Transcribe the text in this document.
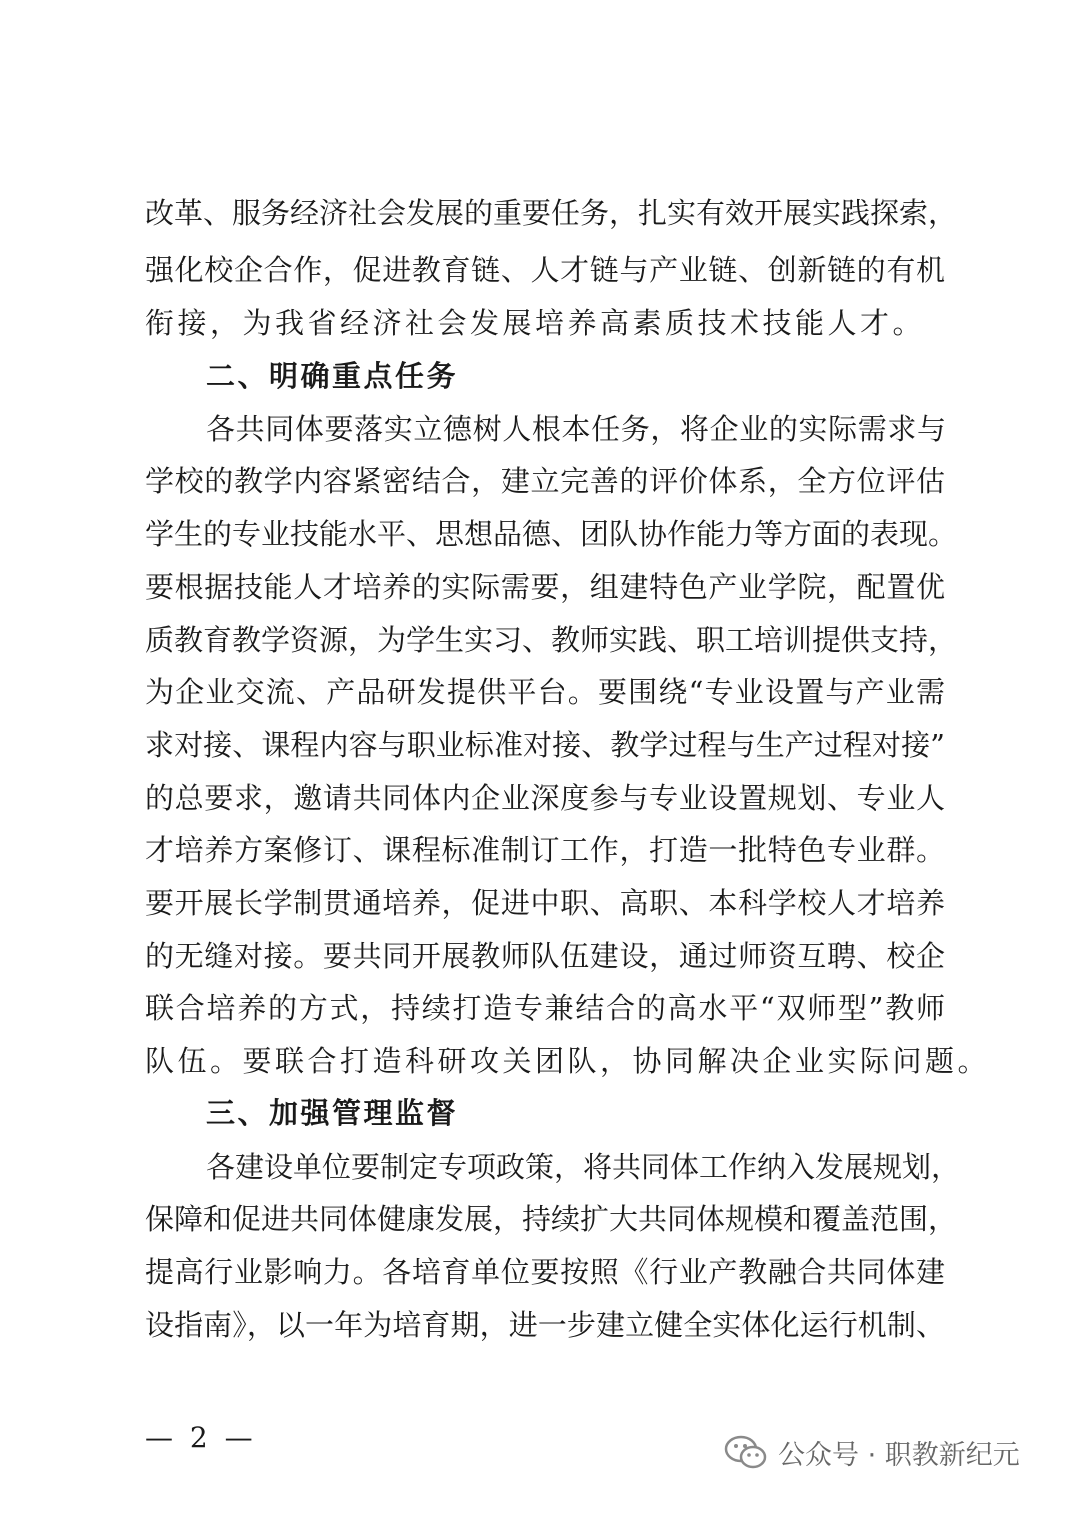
改革、服务经济社会发展的重要任务，扎实有效开展实践探索，
强化校企合作，促进教育链、人才链与产业链、创新链的有机
衔接，为我省经济社会发展培养高素质技术技能人才。
二、明确重点任务
各共同体要落实立德树人根本任务，将企业的实际需求与
学校的教学内容紧密结合，建立完善的评价体系，全方位评估
学生的专业技能水平、思想品德、团队协作能力等方面的表现。
要根据技能人才培养的实际需要，组建特色产业学院，配置优
质教育教学资源，为学生实习、教师实践、职工培训提供支持，
为企业交流、产品研发提供平台。要围绕“专业设置与产业需
求对接、课程内容与职业标准对接、教学过程与生产过程对接”
的总要求，邀请共同体内企业深度参与专业设置规划、专业人
才培养方案修订、课程标准制订工作，打造一批特色专业群。
要开展长学制贯通培养，促进中职、高职、本科学校人才培养
的无缝对接。要共同开展教师队伍建设，通过师资互聘、校企
联合培养的方式，持续打造专兼结合的高水平“双师型”教师
队伍。要联合打造科研攻关团队，协同解决企业实际问题。
三、加强管理监督
各建设单位要制定专项政策，将共同体工作纳入发展规划，
保障和促进共同体健康发展，持续扩大共同体规模和覆盖范围，
提高行业影响力。各培育单位要按照《行业产教融合共同体建
设指南》，以一年为培育期，进一步建立健全实体化运行机制、
— 2 —
公众号 · 职教新纪元
